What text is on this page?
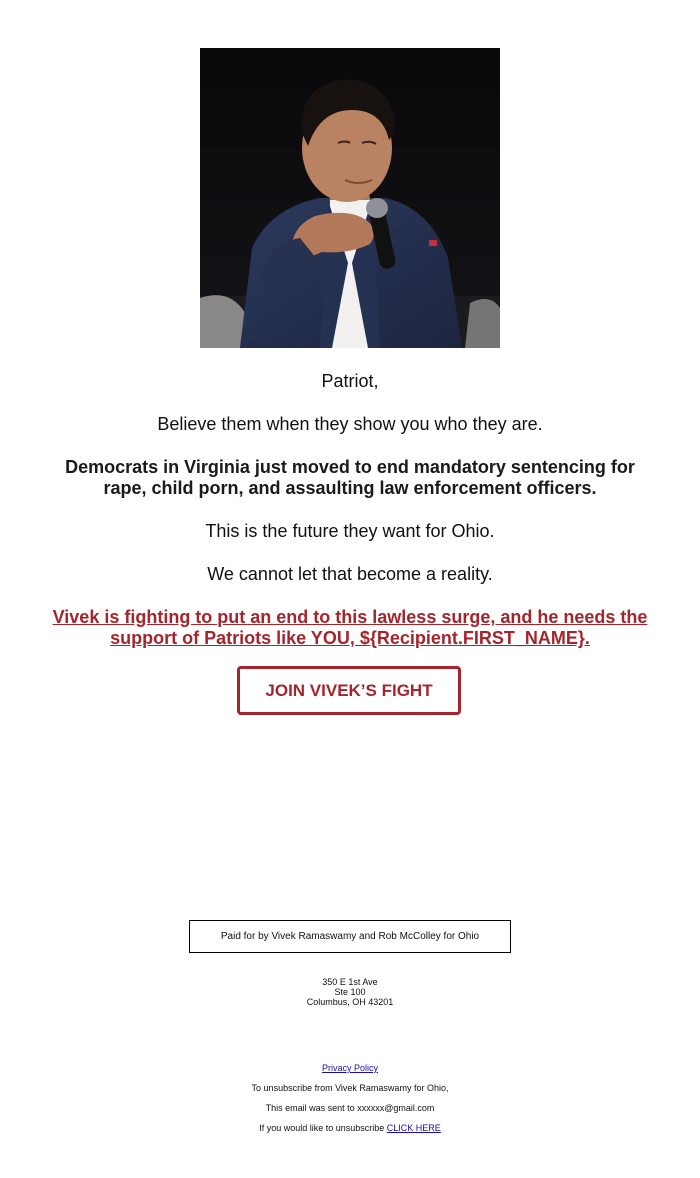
Patriot,

Believe them when they show you who they are.

Democrats in Virginia just moved to end mandatory sentencing for rape, child porn, and assaulting law enforcement officers.

This is the future they want for Ohio.

We cannot let that become a reality.

Vivek is fighting to put an end to this lawless surge, and he needs the support of Patriots like YOU, ${Recipient.FIRST_NAME}.

JOIN VIVEK’S FIGHT
Paid for by Vivek Ramaswamy and Rob McColley for Ohio
350 E 1st Ave
Ste 100
Columbus, OH 43201
Privacy Policy
To unsubscribe from Vivek Ramaswamy for Ohio,
This email was sent to xxxxxx@gmail.com
If you would like to unsubscribe CLICK HERE
